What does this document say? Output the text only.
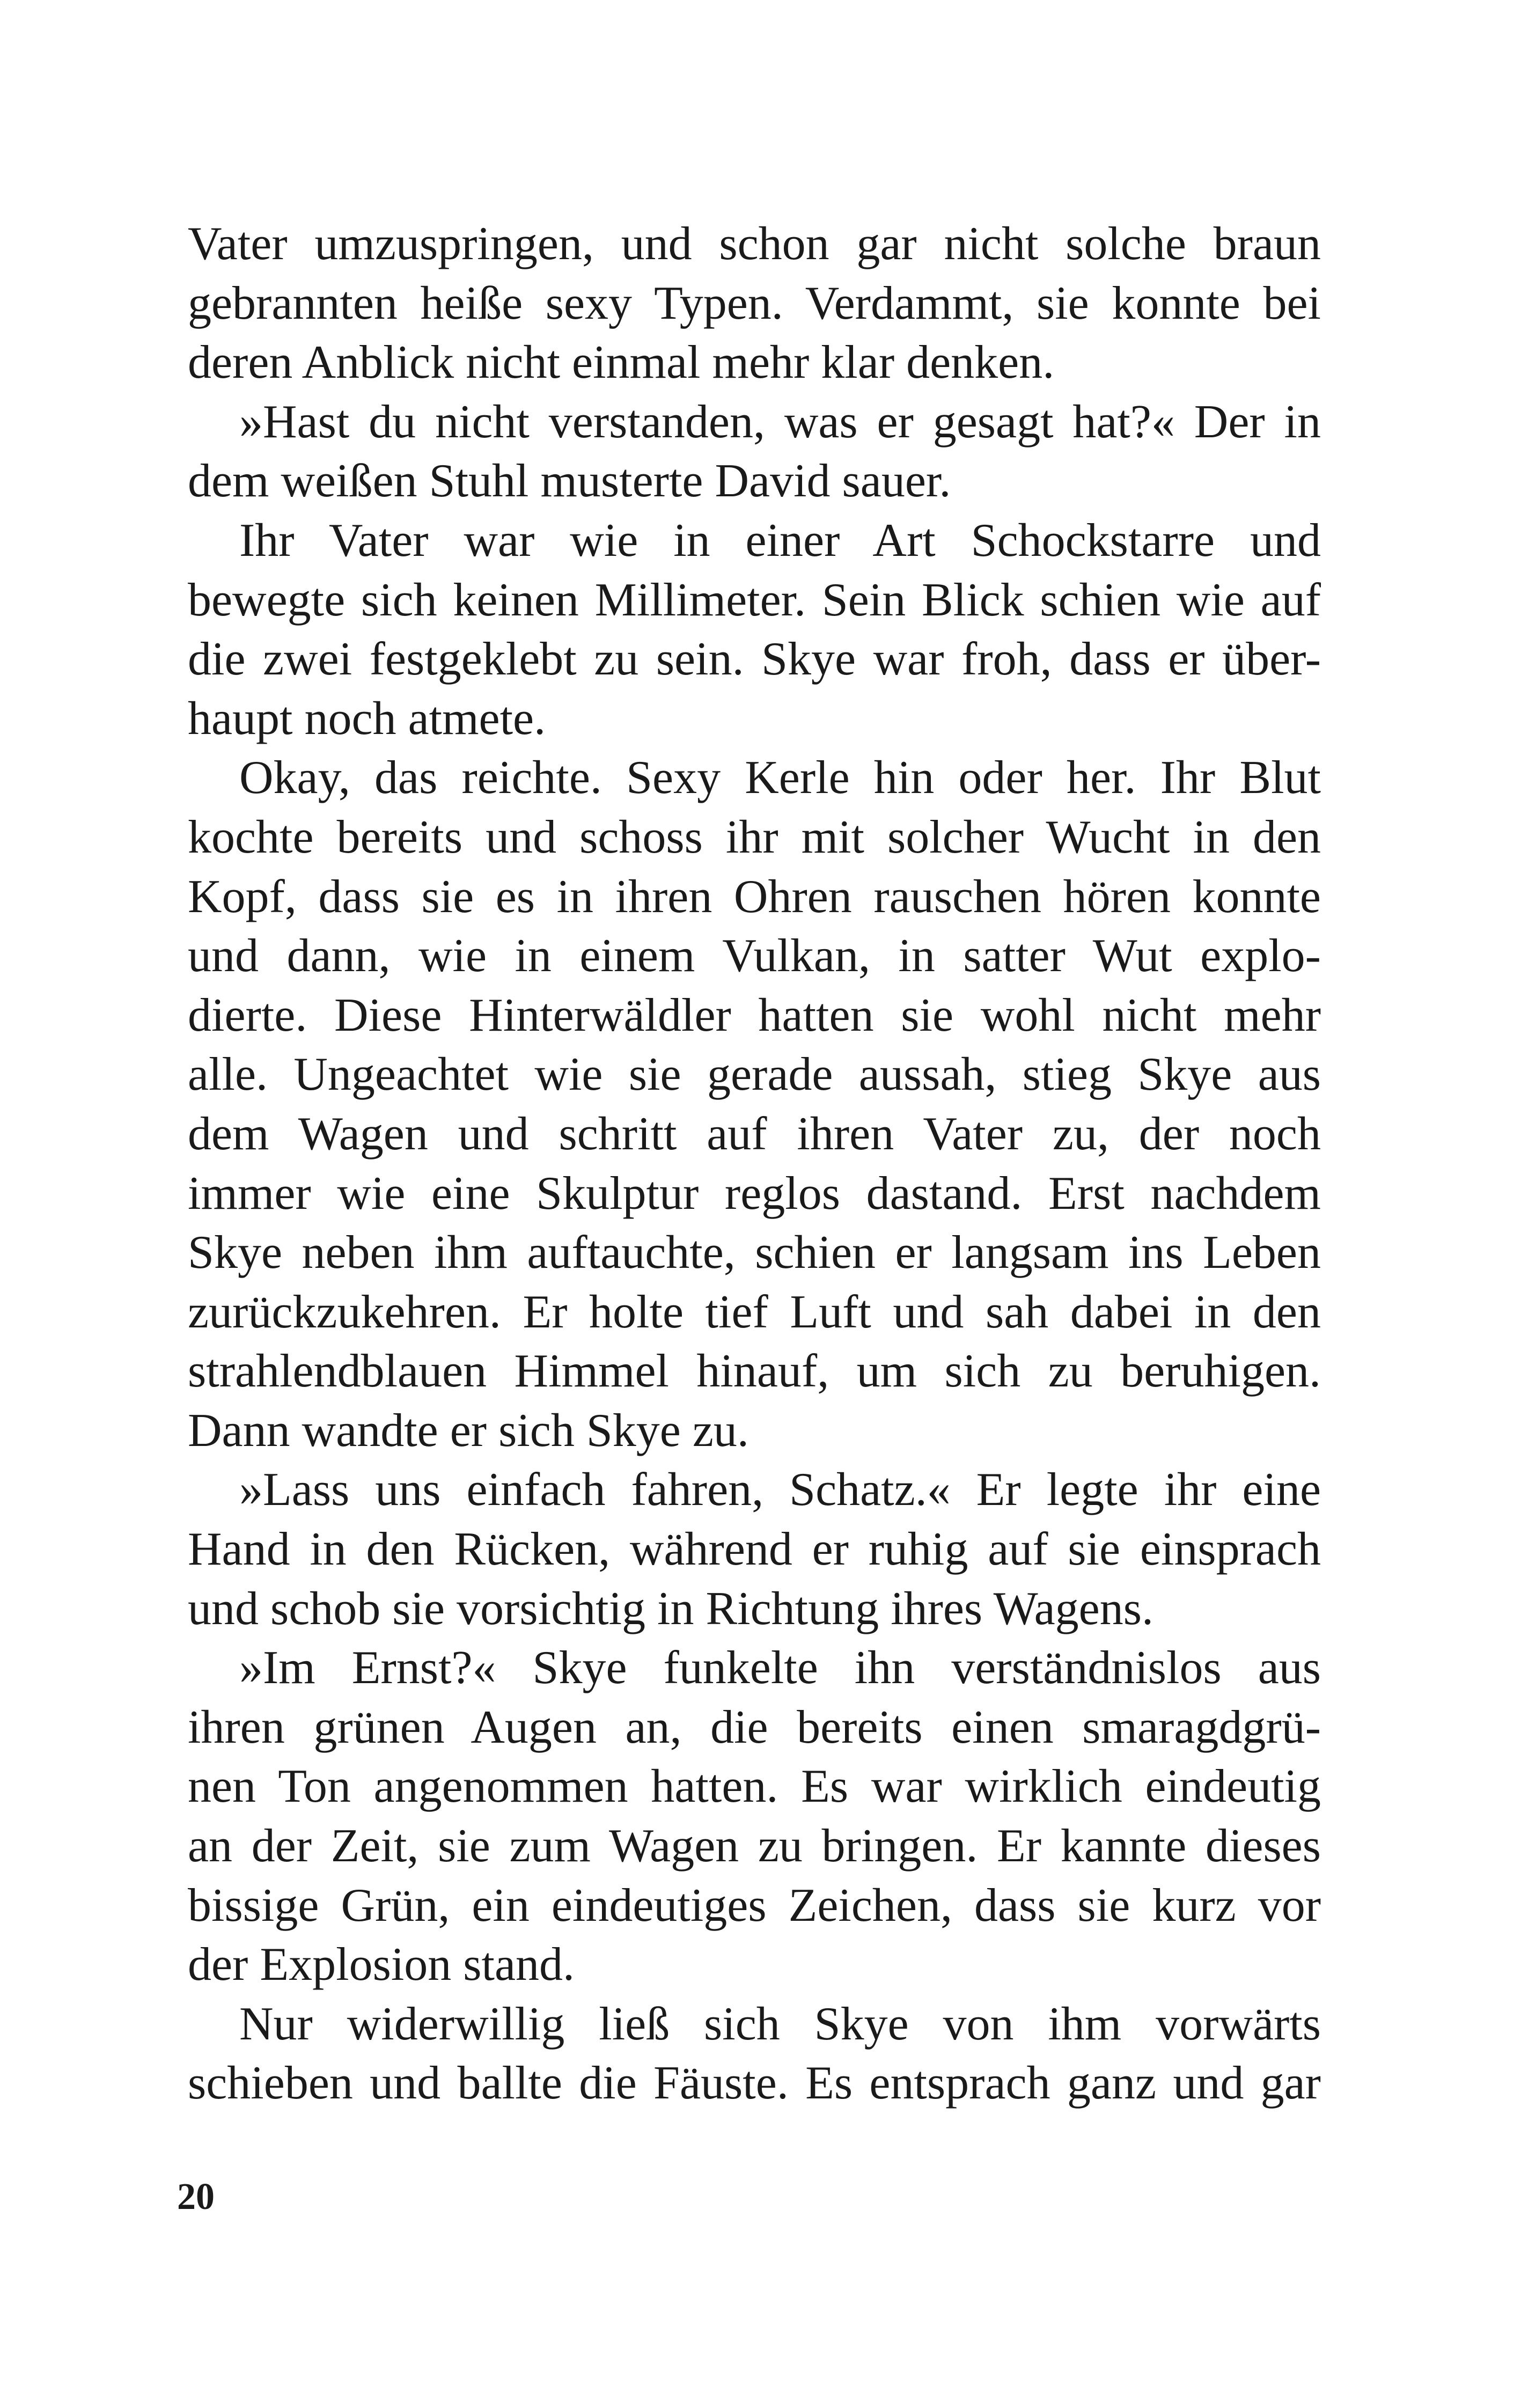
Vater umzuspringen, und schon gar nicht solche braun
gebrannten heiße sexy Typen. Verdammt, sie konnte bei
deren Anblick nicht einmal mehr klar denken.
»Hast du nicht verstanden, was er gesagt hat?« Der in
dem weißen Stuhl musterte David sauer.
Ihr Vater war wie in einer Art Schockstarre und
bewegte sich keinen Millimeter. Sein Blick schien wie auf
die zwei festgeklebt zu sein. Skye war froh, dass er über-
haupt noch atmete.
Okay, das reichte. Sexy Kerle hin oder her. Ihr Blut
kochte bereits und schoss ihr mit solcher Wucht in den
Kopf, dass sie es in ihren Ohren rauschen hören konnte
und dann, wie in einem Vulkan, in satter Wut explo-
dierte. Diese Hinterwäldler hatten sie wohl nicht mehr
alle. Ungeachtet wie sie gerade aussah, stieg Skye aus
dem Wagen und schritt auf ihren Vater zu, der noch
immer wie eine Skulptur reglos dastand. Erst nachdem
Skye neben ihm auftauchte, schien er langsam ins Leben
zurückzukehren. Er holte tief Luft und sah dabei in den
strahlendblauen Himmel hinauf, um sich zu beruhigen.
Dann wandte er sich Skye zu.
»Lass uns einfach fahren, Schatz.« Er legte ihr eine
Hand in den Rücken, während er ruhig auf sie einsprach
und schob sie vorsichtig in Richtung ihres Wagens.
»Im Ernst?« Skye funkelte ihn verständnislos aus
ihren grünen Augen an, die bereits einen smaragdgrü-
nen Ton angenommen hatten. Es war wirklich eindeutig
an der Zeit, sie zum Wagen zu bringen. Er kannte dieses
bissige Grün, ein eindeutiges Zeichen, dass sie kurz vor
der Explosion stand.
Nur widerwillig ließ sich Skye von ihm vorwärts
schieben und ballte die Fäuste. Es entsprach ganz und gar
20
